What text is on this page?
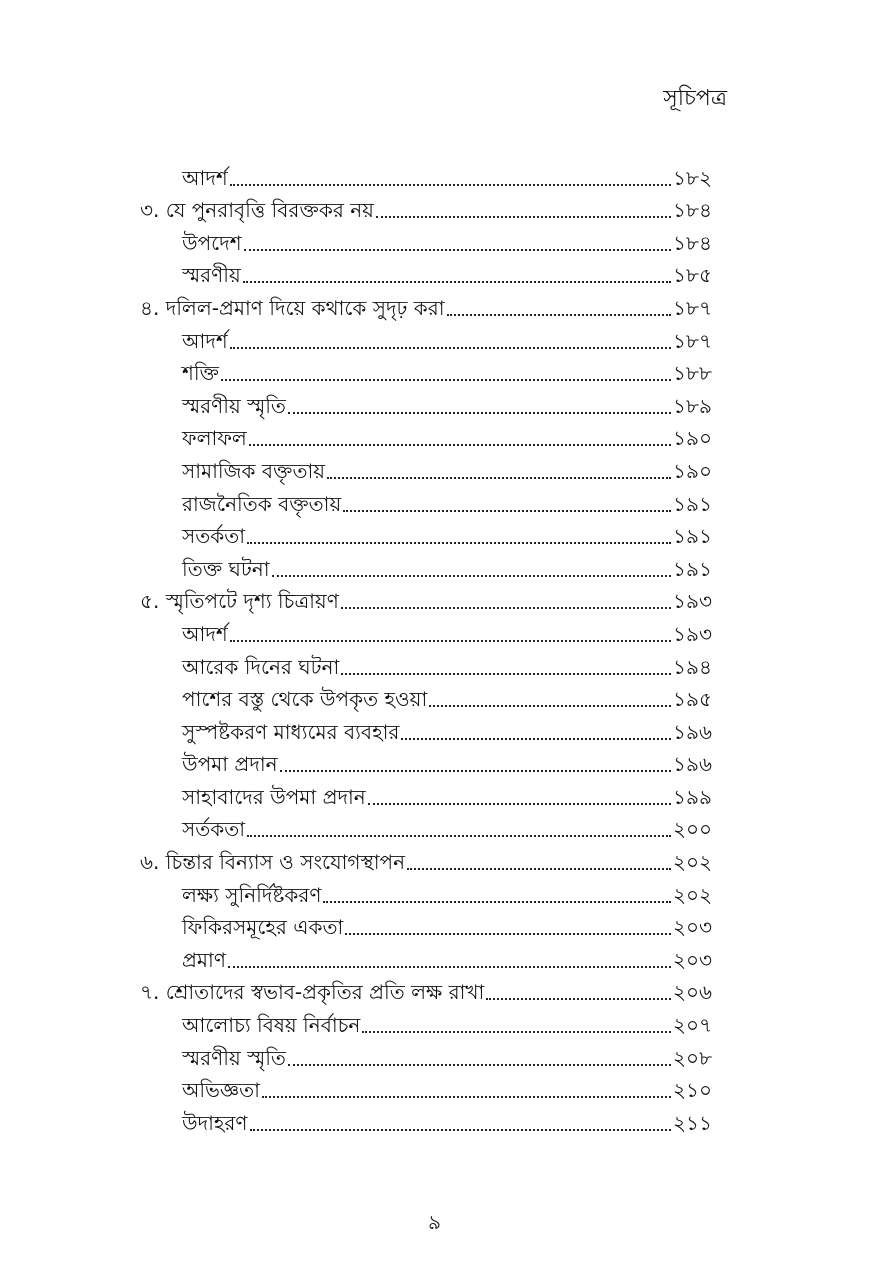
সূচিপত্র
আদর্শ	১৮২
৩. যে পুনরাবৃত্তি বিরক্তকর নয়	১৮৪
উপদেশ	১৮৪
স্মরণীয়	১৮৫
৪. দলিল-প্রমাণ দিয়ে কথাকে সুদৃঢ় করা	১৮৭
আদর্শ	১৮৭
শক্তি	১৮৮
স্মরণীয় স্মৃতি	১৮৯
ফলাফল	১৯০
সামাজিক বক্তৃতায়	১৯০
রাজনৈতিক বক্তৃতায়	১৯১
সতর্কতা	১৯১
তিক্ত ঘটনা	১৯১
৫. স্মৃতিপটে দৃশ্য চিত্রায়ণ	১৯৩
আদর্শ	১৯৩
আরেক দিনের ঘটনা	১৯৪
পাশের বস্তু থেকে উপকৃত হওয়া	১৯৫
সুস্পষ্টকরণ মাধ্যমের ব্যবহার	১৯৬
উপমা প্রদান	১৯৬
সাহাবাদের উপমা প্রদান	১৯৯
সর্তকতা	২০০
৬. চিন্তার বিন্যাস ও সংযোগস্থাপন	২০২
লক্ষ্য সুনির্দিষ্টকরণ	২০২
ফিকিরসমূহের একতা	২০৩
প্রমাণ	২০৩
৭. শ্রোতাদের স্বভাব-প্রকৃতির প্রতি লক্ষ রাখা	২০৬
আলোচ্য বিষয় নির্বাচন	২০৭
স্মরণীয় স্মৃতি	২০৮
অভিজ্ঞতা	২১০
উদাহরণ	২১১
৯
